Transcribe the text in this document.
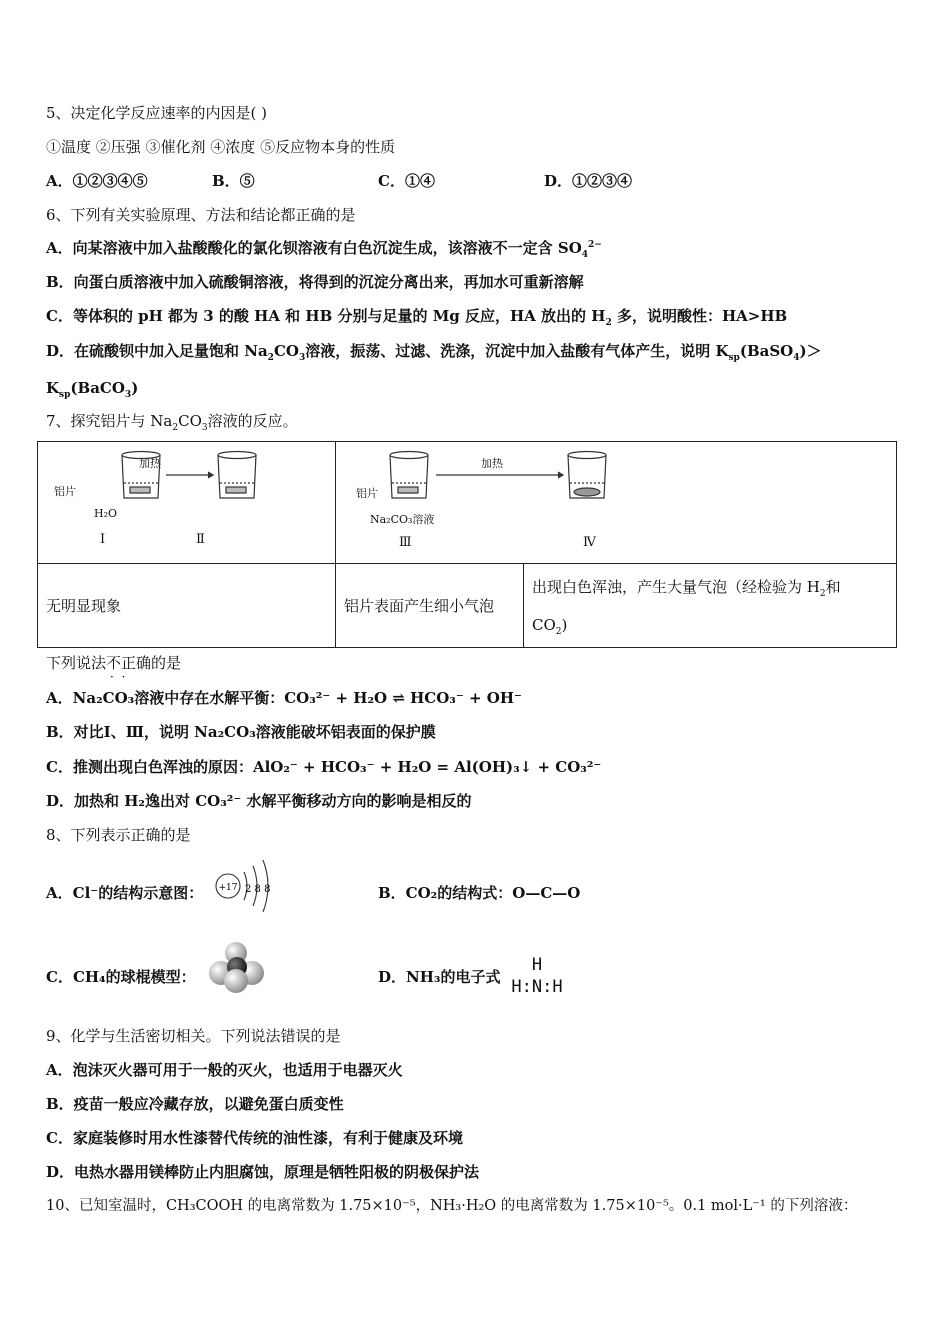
5、决定化学反应速率的内因是( )
①温度 ②压强 ③催化剂 ④浓度 ⑤反应物本身的性质
A．①②③④⑤	B．⑤	C．①④	D．①②③④
6、下列有关实验原理、方法和结论都正确的是
A．向某溶液中加入盐酸酸化的氯化钡溶液有白色沉淀生成，该溶液不一定含 $SO_4^{2-}$
B．向蛋白质溶液中加入硫酸铜溶液，将得到的沉淀分离出来，再加水可重新溶解
C．等体积的 pH 都为 3 的酸 HA 和 HB 分别与足量的 Mg 反应，HA 放出的 $H_2$ 多，说明酸性：HA>HB
D．在硫酸钡中加入足量饱和 $Na_2CO_3$溶液，振荡、过滤、洗涤，沉淀中加入盐酸有气体产生，说明 $K_{sp}(BaSO_4)>$
$K_{sp}(BaCO_3)$
7、探究铝片与 $Na_2CO_3$溶液的反应。
加热
铝片
H₂O
Ⅰ Ⅱ	加热
铝片
Na₂CO₃溶液
Ⅲ Ⅳ	

无明显现象	铝片表面产生细小气泡	出现白色浑浊，产生大量气泡（经检验为 $H_2$和
$CO_2$)
下列说法不正确 · ·的是
A．Na₂CO₃溶液中存在水解平衡：CO₃²⁻ + H₂O ⇌ HCO₃⁻ + OH⁻
B．对比Ⅰ、Ⅲ，说明 Na₂CO₃溶液能破坏铝表面的保护膜
C．推测出现白色浑浊的原因：AlO₂⁻ + HCO₃⁻ + H₂O = Al(OH)₃↓ + CO₃²⁻
D．加热和 H₂逸出对 CO₃²⁻ 水解平衡移动方向的影响是相反的
8、下列表示正确的是
A．Cl⁻的结构示意图： +17 2 8 8	B．CO₂的结构式：O—C—O
C．CH₄的球棍模型：	D．NH₃的电子式
H
H:N:H
9、化学与生活密切相关。下列说法错误的是
A．泡沫灭火器可用于一般的灭火，也适用于电器灭火
B．疫苗一般应冷藏存放，以避免蛋白质变性
C．家庭装修时用水性漆替代传统的油性漆，有利于健康及环境
D．电热水器用镁棒防止内胆腐蚀，原理是牺牲阳极的阴极保护法
10、已知室温时，CH₃COOH 的电离常数为 1.75×10⁻⁵，NH₃·H₂O 的电离常数为 1.75×10⁻⁵。0.1 mol·L⁻¹ 的下列溶液：
